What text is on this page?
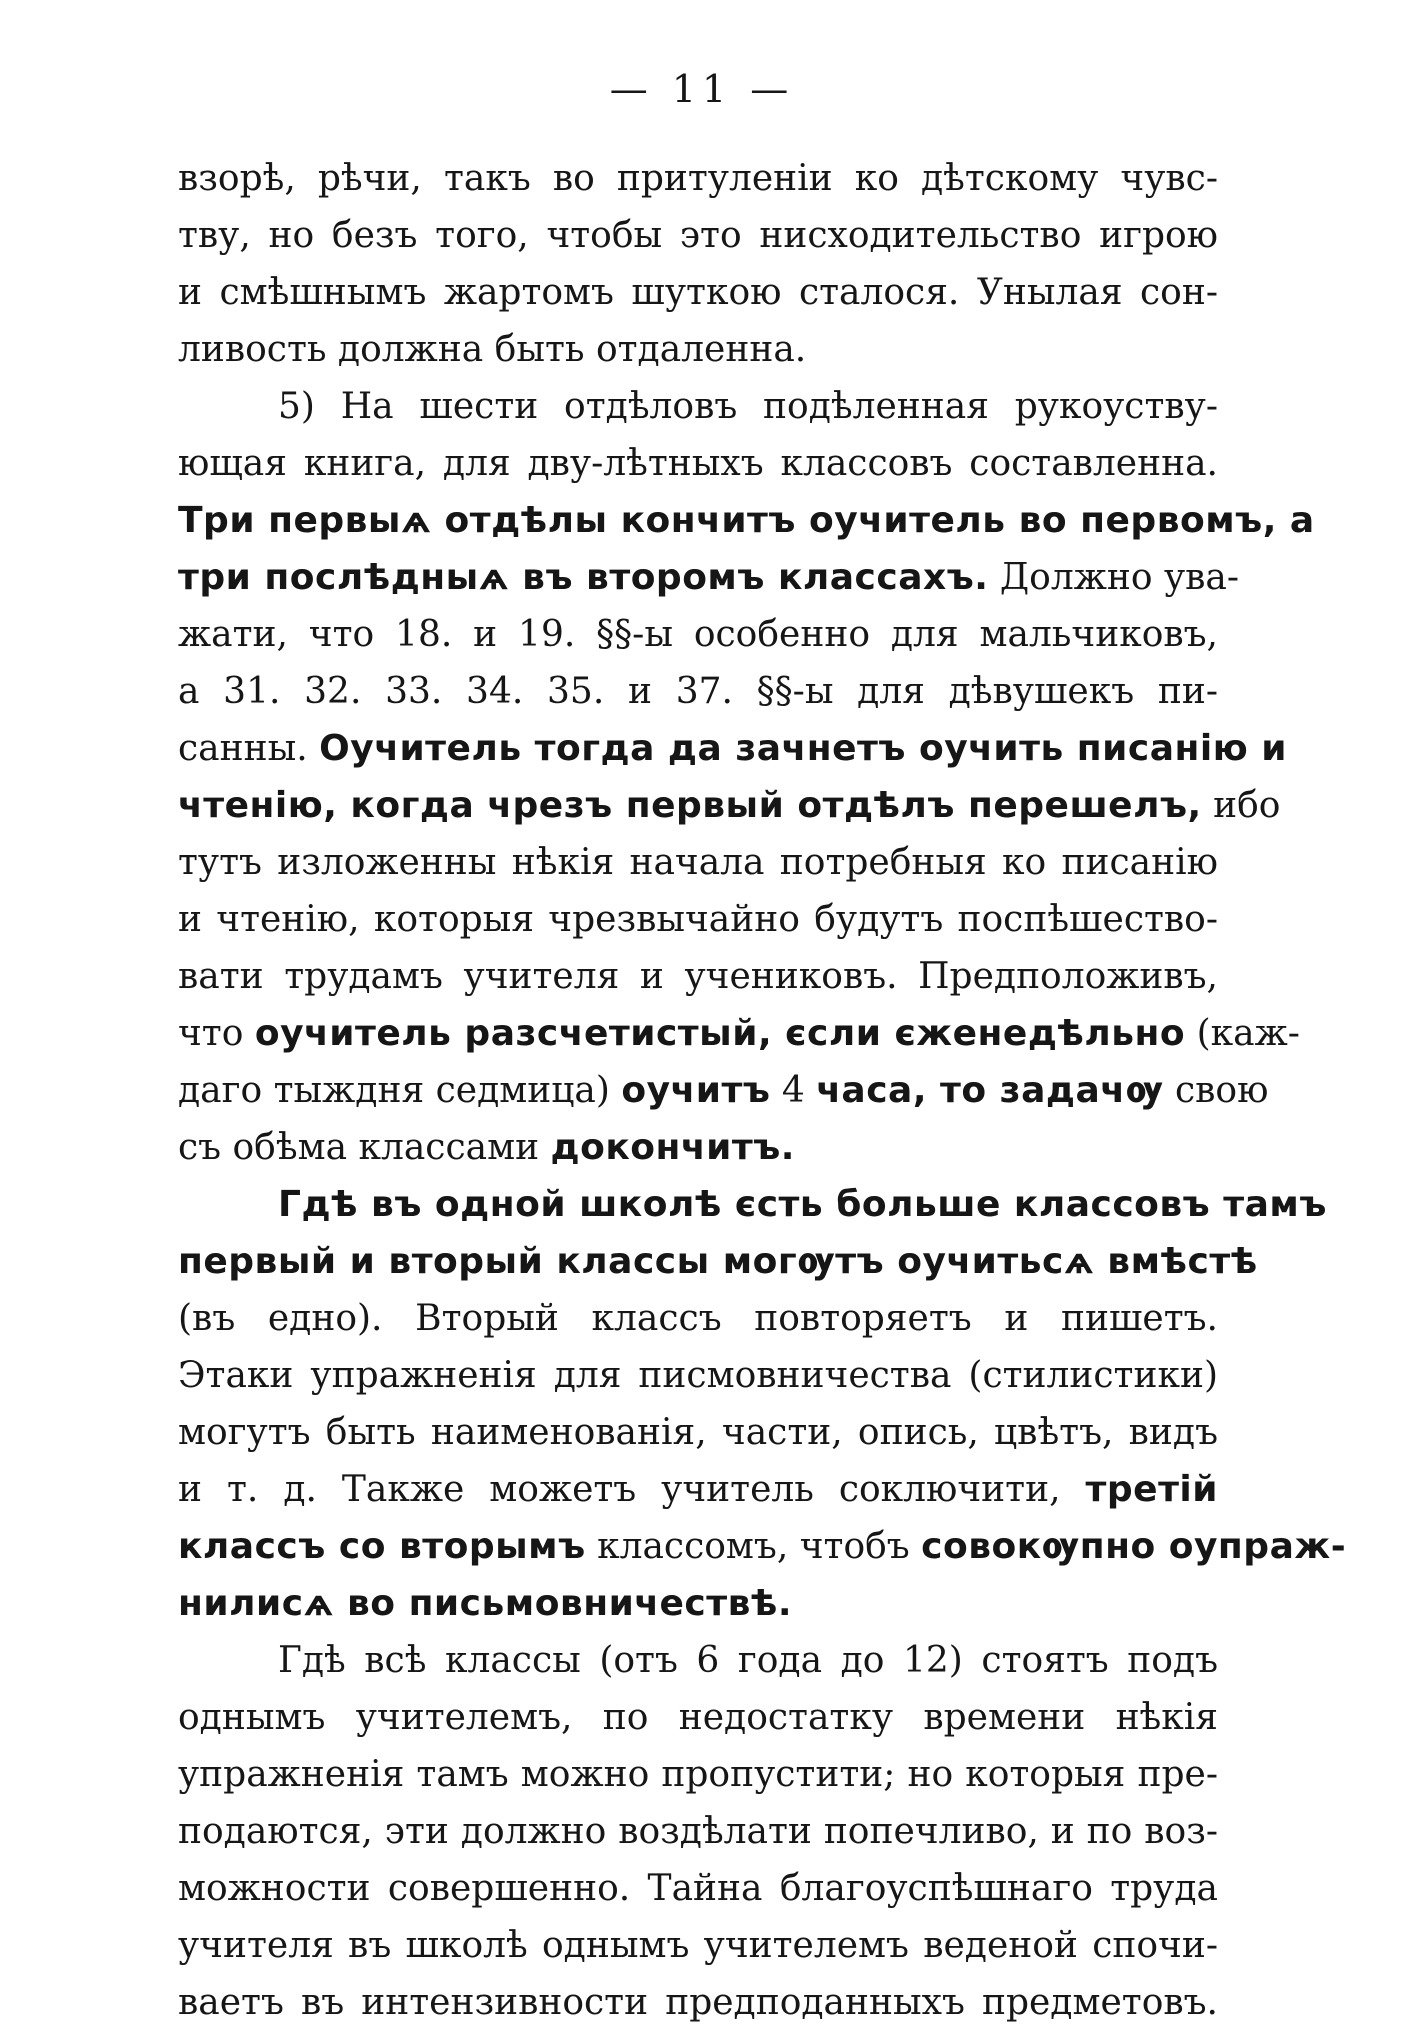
— 11 —
взорѣ, рѣчи, такъ во притуленіи ко дѣтскому чувс-
тву, но безъ того, чтобы это нисходительство игрою
и смѣшнымъ жартомъ шуткою сталося. Унылая сон-
ливость должна быть отдаленна.
5) На шести отдѣловъ подѣленная рукоуству-
ющая книга, для дву-лѣтныхъ классовъ составленна.
Три первыѧ отдѣлы кончитъ оучитель во первомъ, а
три послѣдныѧ въ второмъ классахъ. Должно ува-
жати, что 18. и 19. §§-ы особенно для мальчиковъ,
а 31. 32. 33. 34. 35. и 37. §§-ы для дѣвушекъ пи-
санны. Оучитель тогда да зачнетъ оучить писанію и
чтенію, когда чрезъ первый отдѣлъ перешелъ, ибо
тутъ изложенны нѣкія начала потребныя ко писанію
и чтенію, которыя чрезвычайно будутъ поспѣшество-
вати трудамъ учителя и учениковъ. Предположивъ,
что оучитель разсчетистый, єсли єженедѣльно (каж-
даго тыждня седмица) оучитъ 4 часа, то задачѹ свою
съ обѣма классами докончитъ.
Гдѣ въ одной школѣ єсть больше классовъ тамъ
первый и вторый классы могѹтъ оучитьсѧ вмѣстѣ
(въ едно). Вторый классъ повторяетъ и пишетъ.
Этаки упражненія для писмовничества (стилистики)
могутъ быть наименованія, части, опись, цвѣтъ, видъ
и т. д. Также можетъ учитель соключити, третій
классъ со вторымъ классомъ, чтобъ совокѹпно оупраж-
нилисѧ во письмовничествѣ.
Гдѣ всѣ классы (отъ 6 года до 12) стоятъ подъ
однымъ учителемъ, по недостатку времени нѣкія
упражненія тамъ можно пропустити; но которыя пре-
подаются, эти должно воздѣлати попечливо, и по воз-
можности совершенно. Тайна благоуспѣшнаго труда
учителя въ школѣ однымъ учителемъ веденой спочи-
ваетъ въ интензивности предподанныхъ предметовъ.
